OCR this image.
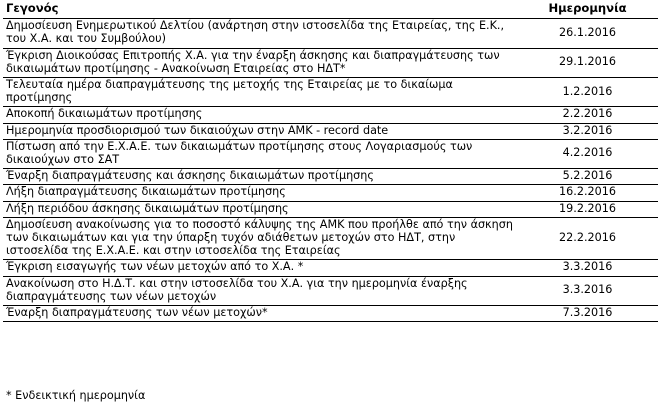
Γεγονός	Ημερομηνία
Δημοσίευση Ενημερωτικού Δελτίου (ανάρτηση στην ιστοσελίδα της Εταιρείας, της Ε.Κ., του Χ.Α. και του Συμβούλου)	26.1.2016
Έγκριση Διοικούσας Επιτροπής Χ.Α. για την έναρξη άσκησης και διαπραγμάτευσης των δικαιωμάτων προτίμησης - Ανακοίνωση Εταιρείας στο ΗΔΤ*	29.1.2016
Τελευταία ημέρα διαπραγμάτευσης της μετοχής της Εταιρείας με το δικαίωμα προτίμησης	1.2.2016
Αποκοπή δικαιωμάτων προτίμησης	2.2.2016
Ημερομηνία προσδιορισμού των δικαιούχων στην ΑΜΚ - record date	3.2.2016
Πίστωση από την Ε.Χ.Α.Ε. των δικαιωμάτων προτίμησης στους Λογαριασμούς των δικαιούχων στο ΣΑΤ	4.2.2016
Έναρξη διαπραγμάτευσης και άσκησης δικαιωμάτων προτίμησης	5.2.2016
Λήξη διαπραγμάτευσης δικαιωμάτων προτίμησης	16.2.2016
Λήξη περιόδου άσκησης δικαιωμάτων προτίμησης	19.2.2016
Δημοσίευση ανακοίνωσης για το ποσοστό κάλυψης της ΑΜΚ που προήλθε από την άσκηση των δικαιωμάτων και για την ύπαρξη τυχόν αδιάθετων μετοχών στο ΗΔΤ, στην ιστοσελίδα της Ε.Χ.Α.Ε. και στην ιστοσελίδα της Εταιρείας	22.2.2016
Έγκριση εισαγωγής των νέων μετοχών από το Χ.Α. *	3.3.2016
Ανακοίνωση στο Η.Δ.Τ. και στην ιστοσελίδα του Χ.Α. για την ημερομηνία έναρξης διαπραγμάτευσης των νέων μετοχών	3.3.2016
Έναρξη διαπραγμάτευσης των νέων μετοχών*	7.3.2016
* Ενδεικτική ημερομηνία
